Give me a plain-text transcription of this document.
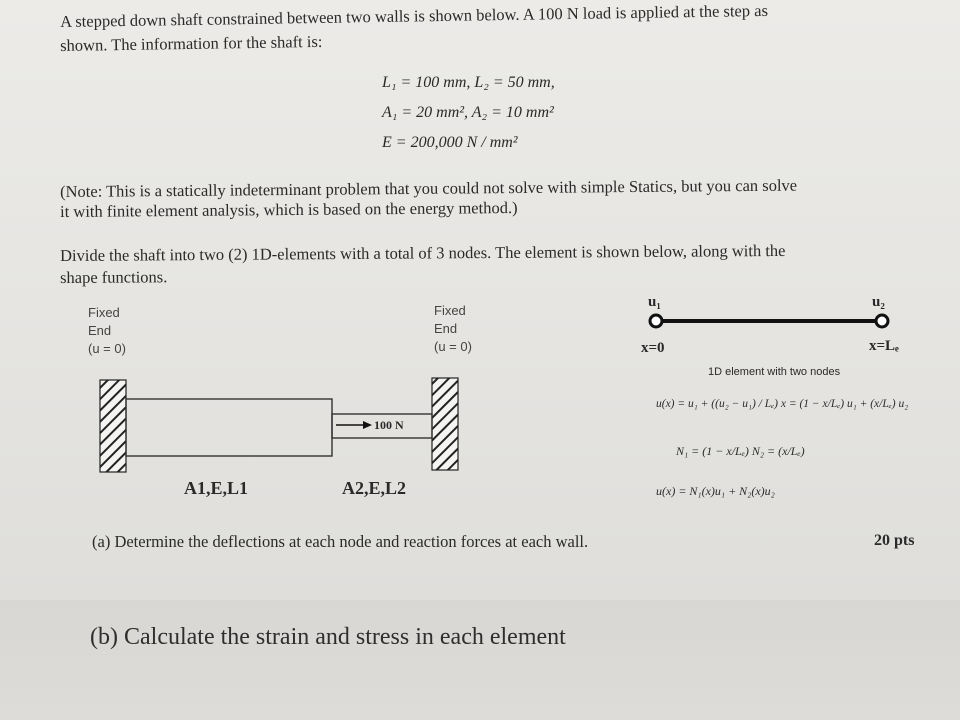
A stepped down shaft constrained between two walls is shown below. A 100 N load is applied at the step as
shown. The information for the shaft is:
L₁ = 100 mm, L₂ = 50 mm,
A₁ = 20 mm², A₂ = 10 mm²
E = 200,000 N / mm²
(Note: This is a statically indeterminant problem that you could not solve with simple Statics, but you can solve
it with finite element analysis, which is based on the energy method.)
Divide the shaft into two (2) 1D-elements with a total of 3 nodes. The element is shown below, along with the
shape functions.
Fixed
End
(u = 0)
Fixed
End
(u = 0)
100 N
A1,E,L1	A2,E,L2
u₁	u₂
x=0	x=Lₑ
1D element with two nodes
u(x) = u₁ + ((u₂ − u₁) / Lₑ) x = (1 − x/Lₑ) u₁ + (x/Lₑ) u₂
N₁ = (1 − x/Lₑ) N₂ = (x/Lₑ)
u(x) = N₁(x)u₁ + N₂(x)u₂
(a) Determine the deflections at each node and reaction forces at each wall.	20 pts
(b) Calculate the strain and stress in each element
